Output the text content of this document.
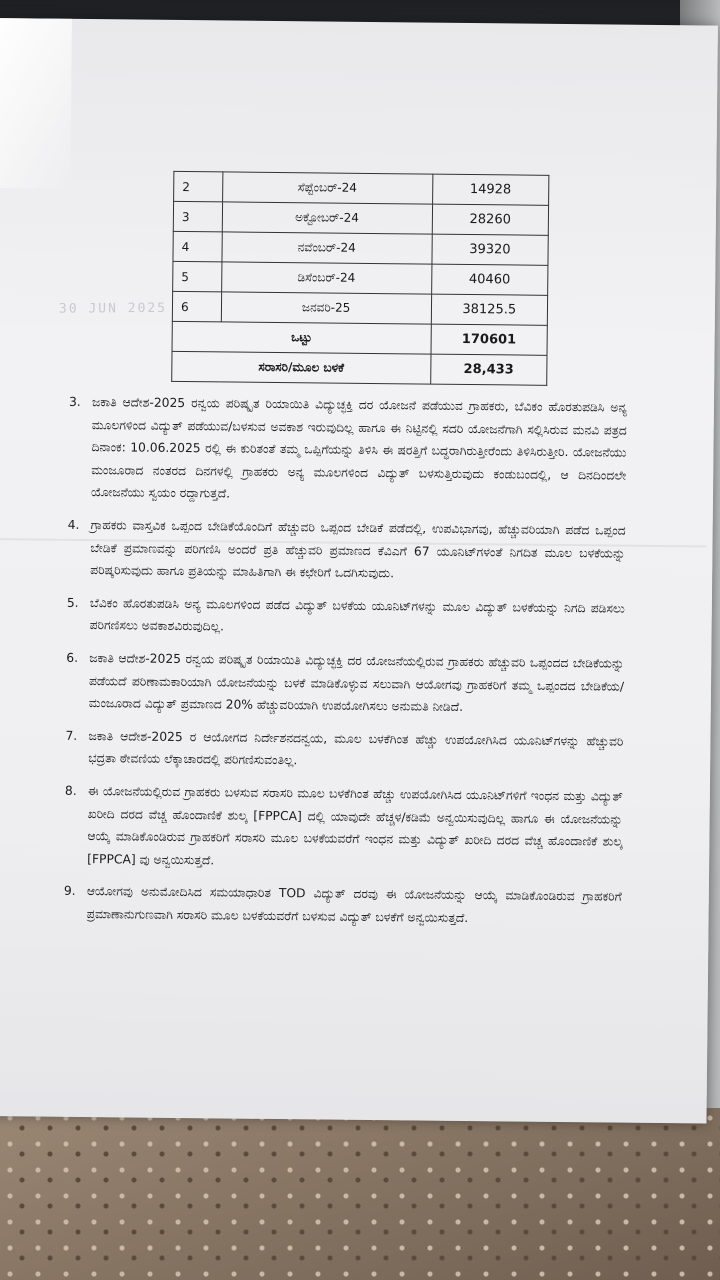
30 JUN 2025
2	ಸೆಪ್ಟೆಂಬರ್-24	14928
3	ಅಕ್ಟೋಬರ್-24	28260
4	ನವೆಂಬರ್-24	39320
5	ಡಿಸೆಂಬರ್-24	40460
6	ಜನವರಿ-25	38125.5
ಒಟ್ಟು		170601
ಸರಾಸರಿ/ಮೂಲ ಬಳಕೆ		28,433
3. ಜಕಾತಿ ಆದೇಶ-2025 ರನ್ವಯ ಪರಿಷ್ಕೃತ ರಿಯಾಯಿತಿ ವಿದ್ಯುಚ್ಛಕ್ತಿ ದರ ಯೋಜನೆ ಪಡೆಯುವ ಗ್ರಾಹಕರು, ಬೆವಿಕಂ ಹೊರತುಪಡಿಸಿ ಅನ್ಯ ಮೂಲಗಳಿಂದ ವಿದ್ಯುತ್ ಪಡೆಯುವ/ಬಳಸುವ ಅವಕಾಶ ಇರುವುದಿಲ್ಲ ಹಾಗೂ ಈ ನಿಟ್ಟಿನಲ್ಲಿ ಸದರಿ ಯೋಜನೆಗಾಗಿ ಸಲ್ಲಿಸಿರುವ ಮನವಿ ಪತ್ರದ ದಿನಾಂಕ: 10.06.2025 ರಲ್ಲಿ ಈ ಕುರಿತಂತೆ ತಮ್ಮ ಒಪ್ಪಿಗೆಯನ್ನು ತಿಳಿಸಿ ಈ ಷರತ್ತಿಗೆ ಬದ್ಧರಾಗಿರುತ್ತೀರೆಂದು ತಿಳಿಸಿರುತ್ತೀರಿ. ಯೋಜನೆಯು ಮಂಜೂರಾದ ನಂತರದ ದಿನಗಳಲ್ಲಿ ಗ್ರಾಹಕರು ಅನ್ಯ ಮೂಲಗಳಿಂದ ವಿದ್ಯುತ್ ಬಳಸುತ್ತಿರುವುದು ಕಂಡುಬಂದಲ್ಲಿ, ಆ ದಿನದಿಂದಲೇ ಯೋಜನೆಯು ಸ್ವಯಂ ರದ್ದಾಗುತ್ತದೆ.
4. ಗ್ರಾಹಕರು ವಾಸ್ತವಿಕ ಒಪ್ಪಂದ ಬೇಡಿಕೆಯೊಂದಿಗೆ ಹೆಚ್ಚುವರಿ ಒಪ್ಪಂದ ಬೇಡಿಕೆ ಪಡೆದಲ್ಲಿ, ಉಪವಿಭಾಗವು, ಹೆಚ್ಚುವರಿಯಾಗಿ ಪಡೆದ ಒಪ್ಪಂದ ಬೇಡಿಕೆ ಪ್ರಮಾಣವನ್ನು ಪರಿಗಣಿಸಿ ಅಂದರೆ ಪ್ರತಿ ಹೆಚ್ಚುವರಿ ಪ್ರಮಾಣದ ಕೆವಿಎಗೆ 67 ಯೂನಿಟ್‌ಗಳಂತೆ ನಿಗದಿತ ಮೂಲ ಬಳಕೆಯನ್ನು ಪರಿಷ್ಕರಿಸುವುದು ಹಾಗೂ ಪ್ರತಿಯನ್ನು ಮಾಹಿತಿಗಾಗಿ ಈ ಕಛೇರಿಗೆ ಒದಗಿಸುವುದು.
5. ಬೆವಿಕಂ ಹೊರತುಪಡಿಸಿ ಅನ್ಯ ಮೂಲಗಳಿಂದ ಪಡೆದ ವಿದ್ಯುತ್ ಬಳಕೆಯ ಯೂನಿಟ್‌ಗಳನ್ನು ಮೂಲ ವಿದ್ಯುತ್ ಬಳಕೆಯನ್ನು ನಿಗದಿ ಪಡಿಸಲು ಪರಿಗಣಿಸಲು ಅವಕಾಶವಿರುವುದಿಲ್ಲ.
6. ಜಕಾತಿ ಆದೇಶ-2025 ರನ್ವಯ ಪರಿಷ್ಕೃತ ರಿಯಾಯಿತಿ ವಿದ್ಯುಚ್ಛಕ್ತಿ ದರ ಯೋಜನೆಯಲ್ಲಿರುವ ಗ್ರಾಹಕರು ಹೆಚ್ಚುವರಿ ಒಪ್ಪಂದದ ಬೇಡಿಕೆಯನ್ನು ಪಡೆಯದೆ ಪರಿಣಾಮಕಾರಿಯಾಗಿ ಯೋಜನೆಯನ್ನು ಬಳಕೆ ಮಾಡಿಕೊಳ್ಳುವ ಸಲುವಾಗಿ ಆಯೋಗವು ಗ್ರಾಹಕರಿಗೆ ತಮ್ಮ ಒಪ್ಪಂದದ ಬೇಡಿಕೆಯ/ ಮಂಜೂರಾದ ವಿದ್ಯುತ್ ಪ್ರಮಾಣದ 20% ಹೆಚ್ಚುವರಿಯಾಗಿ ಉಪಯೋಗಿಸಲು ಅನುಮತಿ ನೀಡಿದೆ.
7. ಜಕಾತಿ ಆದೇಶ-2025 ರ ಆಯೋಗದ ನಿರ್ದೇಶನದನ್ವಯ, ಮೂಲ ಬಳಕೆಗಿಂತ ಹೆಚ್ಚು ಉಪಯೋಗಿಸಿದ ಯೂನಿಟ್‌ಗಳನ್ನು ಹೆಚ್ಚುವರಿ ಭದ್ರತಾ ಠೇವಣಿಯ ಲೆಕ್ಕಾಚಾರದಲ್ಲಿ ಪರಿಗಣಿಸುವಂತಿಲ್ಲ.
8. ಈ ಯೋಜನೆಯಲ್ಲಿರುವ ಗ್ರಾಹಕರು ಬಳಸುವ ಸರಾಸರಿ ಮೂಲ ಬಳಕೆಗಿಂತ ಹೆಚ್ಚು ಉಪಯೋಗಿಸಿದ ಯೂನಿಟ್‌ಗಳಿಗೆ ಇಂಧನ ಮತ್ತು ವಿದ್ಯುತ್ ಖರೀದಿ ದರದ ವೆಚ್ಚ ಹೊಂದಾಣಿಕೆ ಶುಲ್ಕ [FPPCA] ದಲ್ಲಿ ಯಾವುದೇ ಹೆಚ್ಚಳ/ಕಡಿಮೆ ಅನ್ವಯಿಸುವುದಿಲ್ಲ ಹಾಗೂ ಈ ಯೋಜನೆಯನ್ನು ಆಯ್ಕೆ ಮಾಡಿಕೊಂಡಿರುವ ಗ್ರಾಹಕರಿಗೆ ಸರಾಸರಿ ಮೂಲ ಬಳಕೆಯವರೆಗೆ ಇಂಧನ ಮತ್ತು ವಿದ್ಯುತ್ ಖರೀದಿ ದರದ ವೆಚ್ಚ ಹೊಂದಾಣಿಕೆ ಶುಲ್ಕ [FPPCA] ವು ಅನ್ವಯಿಸುತ್ತದೆ.
9. ಆಯೋಗವು ಅನುಮೋದಿಸಿದ ಸಮಯಾಧಾರಿತ TOD ವಿದ್ಯುತ್ ದರವು ಈ ಯೋಜನೆಯನ್ನು ಆಯ್ಕೆ ಮಾಡಿಕೊಂಡಿರುವ ಗ್ರಾಹಕರಿಗೆ ಪ್ರಮಾಣಾನುಗುಣವಾಗಿ ಸರಾಸರಿ ಮೂಲ ಬಳಕೆಯವರೆಗೆ ಬಳಸುವ ವಿದ್ಯುತ್ ಬಳಕೆಗೆ ಅನ್ವಯಿಸುತ್ತದೆ.
